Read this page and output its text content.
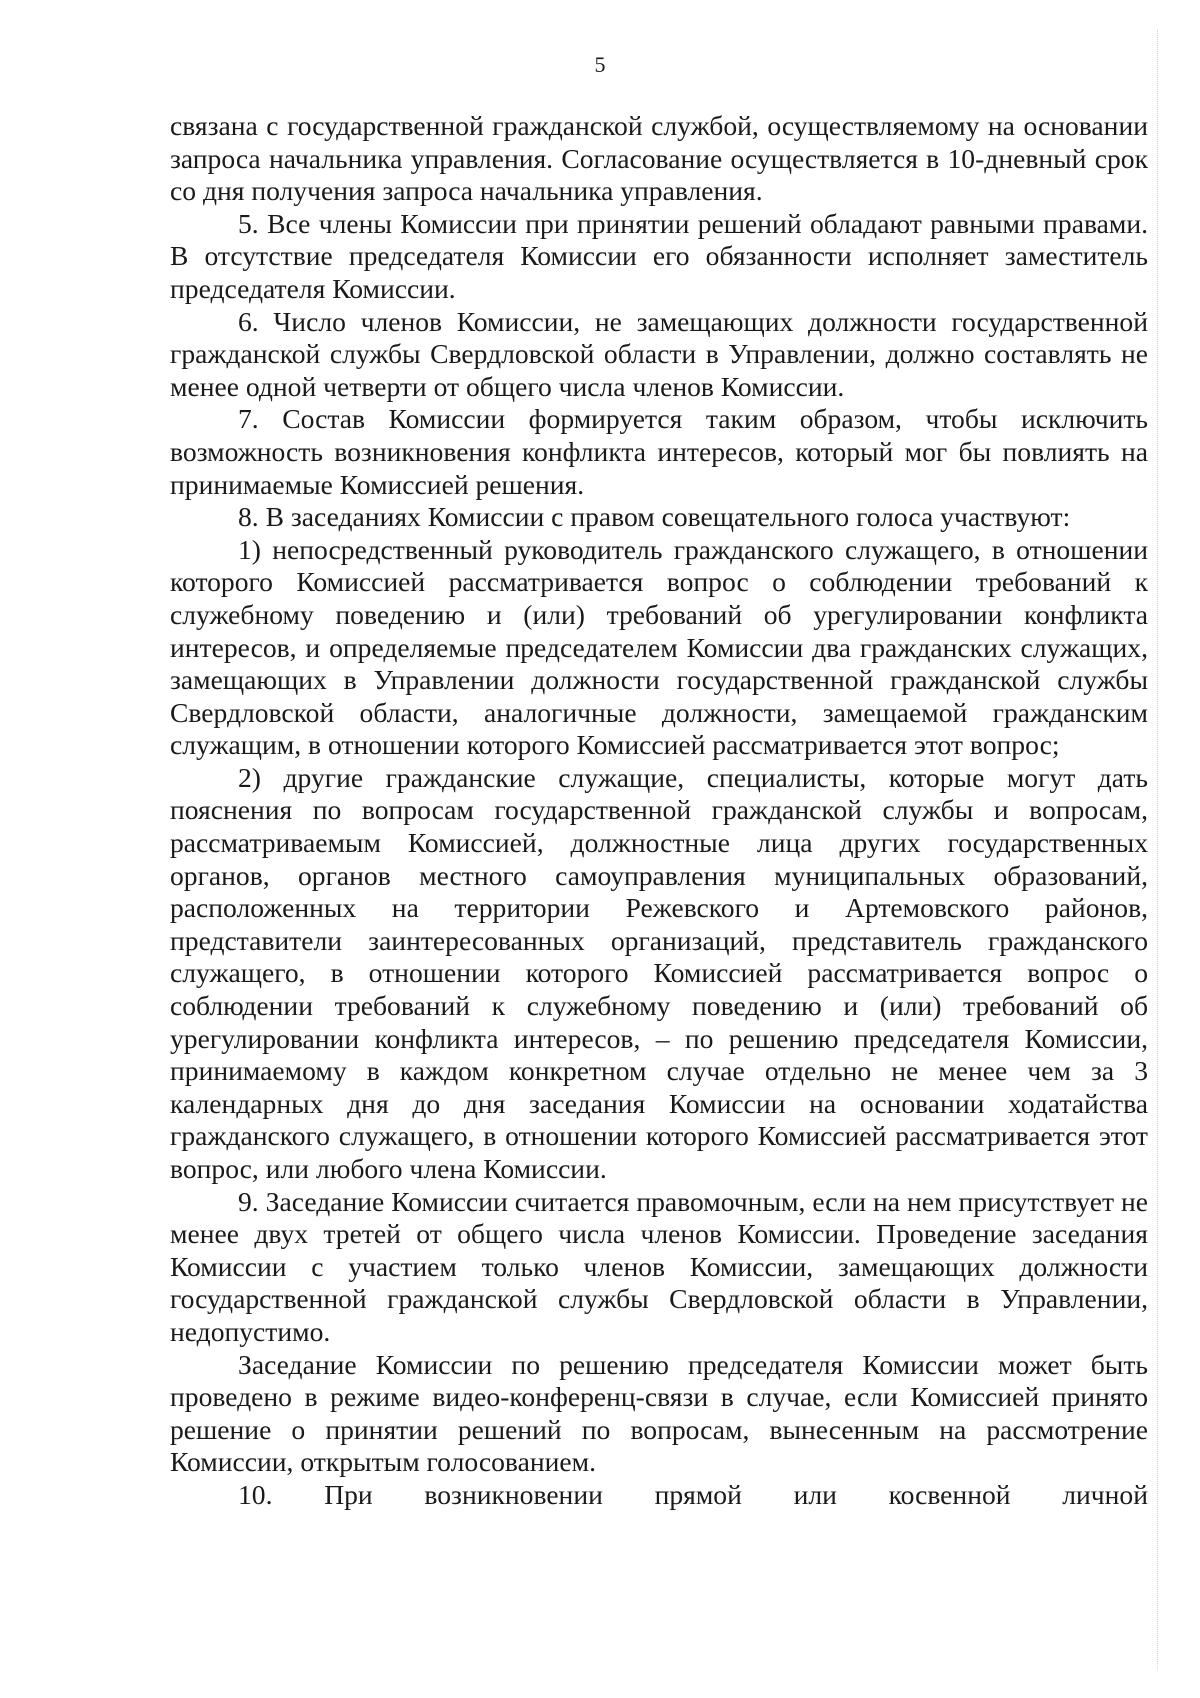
5

связана с государственной гражданской службой, осуществляемому на основании запроса начальника управления. Согласование осуществляется в 10-дневный срок со дня получения запроса начальника управления.

5. Все члены Комиссии при принятии решений обладают равными правами. В отсутствие председателя Комиссии его обязанности исполняет заместитель председателя Комиссии.

6. Число членов Комиссии, не замещающих должности государственной гражданской службы Свердловской области в Управлении, должно составлять не менее одной четверти от общего числа членов Комиссии.

7. Состав Комиссии формируется таким образом, чтобы исключить возможность возникновения конфликта интересов, который мог бы повлиять на принимаемые Комиссией решения.

8. В заседаниях Комиссии с правом совещательного голоса участвуют:

1) непосредственный руководитель гражданского служащего, в отношении которого Комиссией рассматривается вопрос о соблюдении требований к служебному поведению и (или) требований об урегулировании конфликта интересов, и определяемые председателем Комиссии два гражданских служащих, замещающих в Управлении должности государственной гражданской службы Свердловской области, аналогичные должности, замещаемой гражданским служащим, в отношении которого Комиссией рассматривается этот вопрос;

2) другие гражданские служащие, специалисты, которые могут дать пояснения по вопросам государственной гражданской службы и вопросам, рассматриваемым Комиссией, должностные лица других государственных органов, органов местного самоуправления муниципальных образований, расположенных на территории Режевского и Артемовского районов, представители заинтересованных организаций, представитель гражданского служащего, в отношении которого Комиссией рассматривается вопрос о соблюдении требований к служебному поведению и (или) требований об урегулировании конфликта интересов, – по решению председателя Комиссии, принимаемому в каждом конкретном случае отдельно не менее чем за 3 календарных дня до дня заседания Комиссии на основании ходатайства гражданского служащего, в отношении которого Комиссией рассматривается этот вопрос, или любого члена Комиссии.

9. Заседание Комиссии считается правомочным, если на нем присутствует не менее двух третей от общего числа членов Комиссии. Проведение заседания Комиссии с участием только членов Комиссии, замещающих должности государственной гражданской службы Свердловской области в Управлении, недопустимо.

Заседание Комиссии по решению председателя Комиссии может быть проведено в режиме видео-конференц-связи в случае, если Комиссией принято решение о принятии решений по вопросам, вынесенным на рассмотрение Комиссии, открытым голосованием.

10. При возникновении прямой или косвенной личной
